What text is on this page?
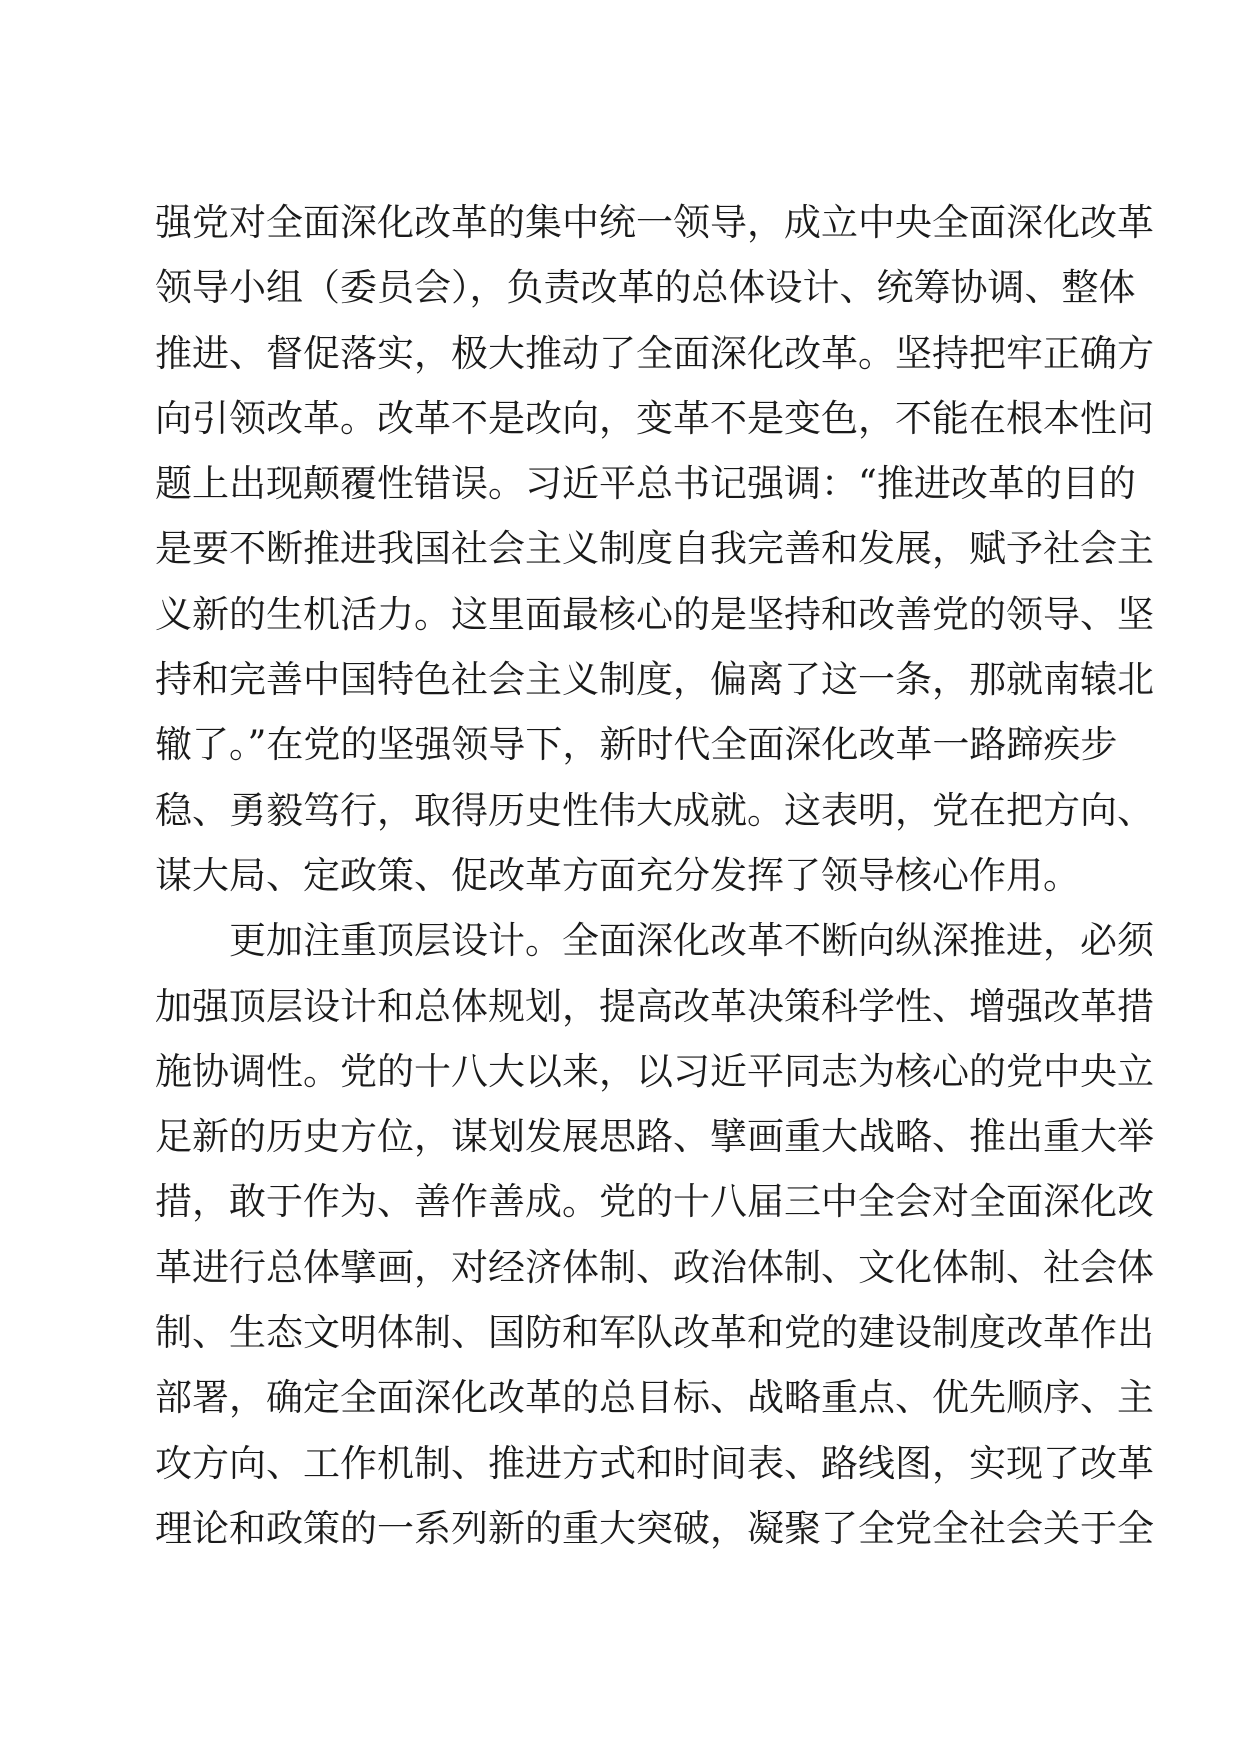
强党对全面深化改革的集中统一领导，成立中央全面深化改革
领导小组（委员会），负责改革的总体设计、统筹协调、整体
推进、督促落实，极大推动了全面深化改革。坚持把牢正确方
向引领改革。改革不是改向，变革不是变色，不能在根本性问
题上出现颠覆性错误。习近平总书记强调：“推进改革的目的
是要不断推进我国社会主义制度自我完善和发展，赋予社会主
义新的生机活力。这里面最核心的是坚持和改善党的领导、坚
持和完善中国特色社会主义制度，偏离了这一条，那就南辕北
辙了。”在党的坚强领导下，新时代全面深化改革一路蹄疾步
稳、勇毅笃行，取得历史性伟大成就。这表明，党在把方向、
谋大局、定政策、促改革方面充分发挥了领导核心作用。
更加注重顶层设计。全面深化改革不断向纵深推进，必须
加强顶层设计和总体规划，提高改革决策科学性、增强改革措
施协调性。党的十八大以来，以习近平同志为核心的党中央立
足新的历史方位，谋划发展思路、擘画重大战略、推出重大举
措，敢于作为、善作善成。党的十八届三中全会对全面深化改
革进行总体擘画，对经济体制、政治体制、文化体制、社会体
制、生态文明体制、国防和军队改革和党的建设制度改革作出
部署，确定全面深化改革的总目标、战略重点、优先顺序、主
攻方向、工作机制、推进方式和时间表、路线图，实现了改革
理论和政策的一系列新的重大突破，凝聚了全党全社会关于全
